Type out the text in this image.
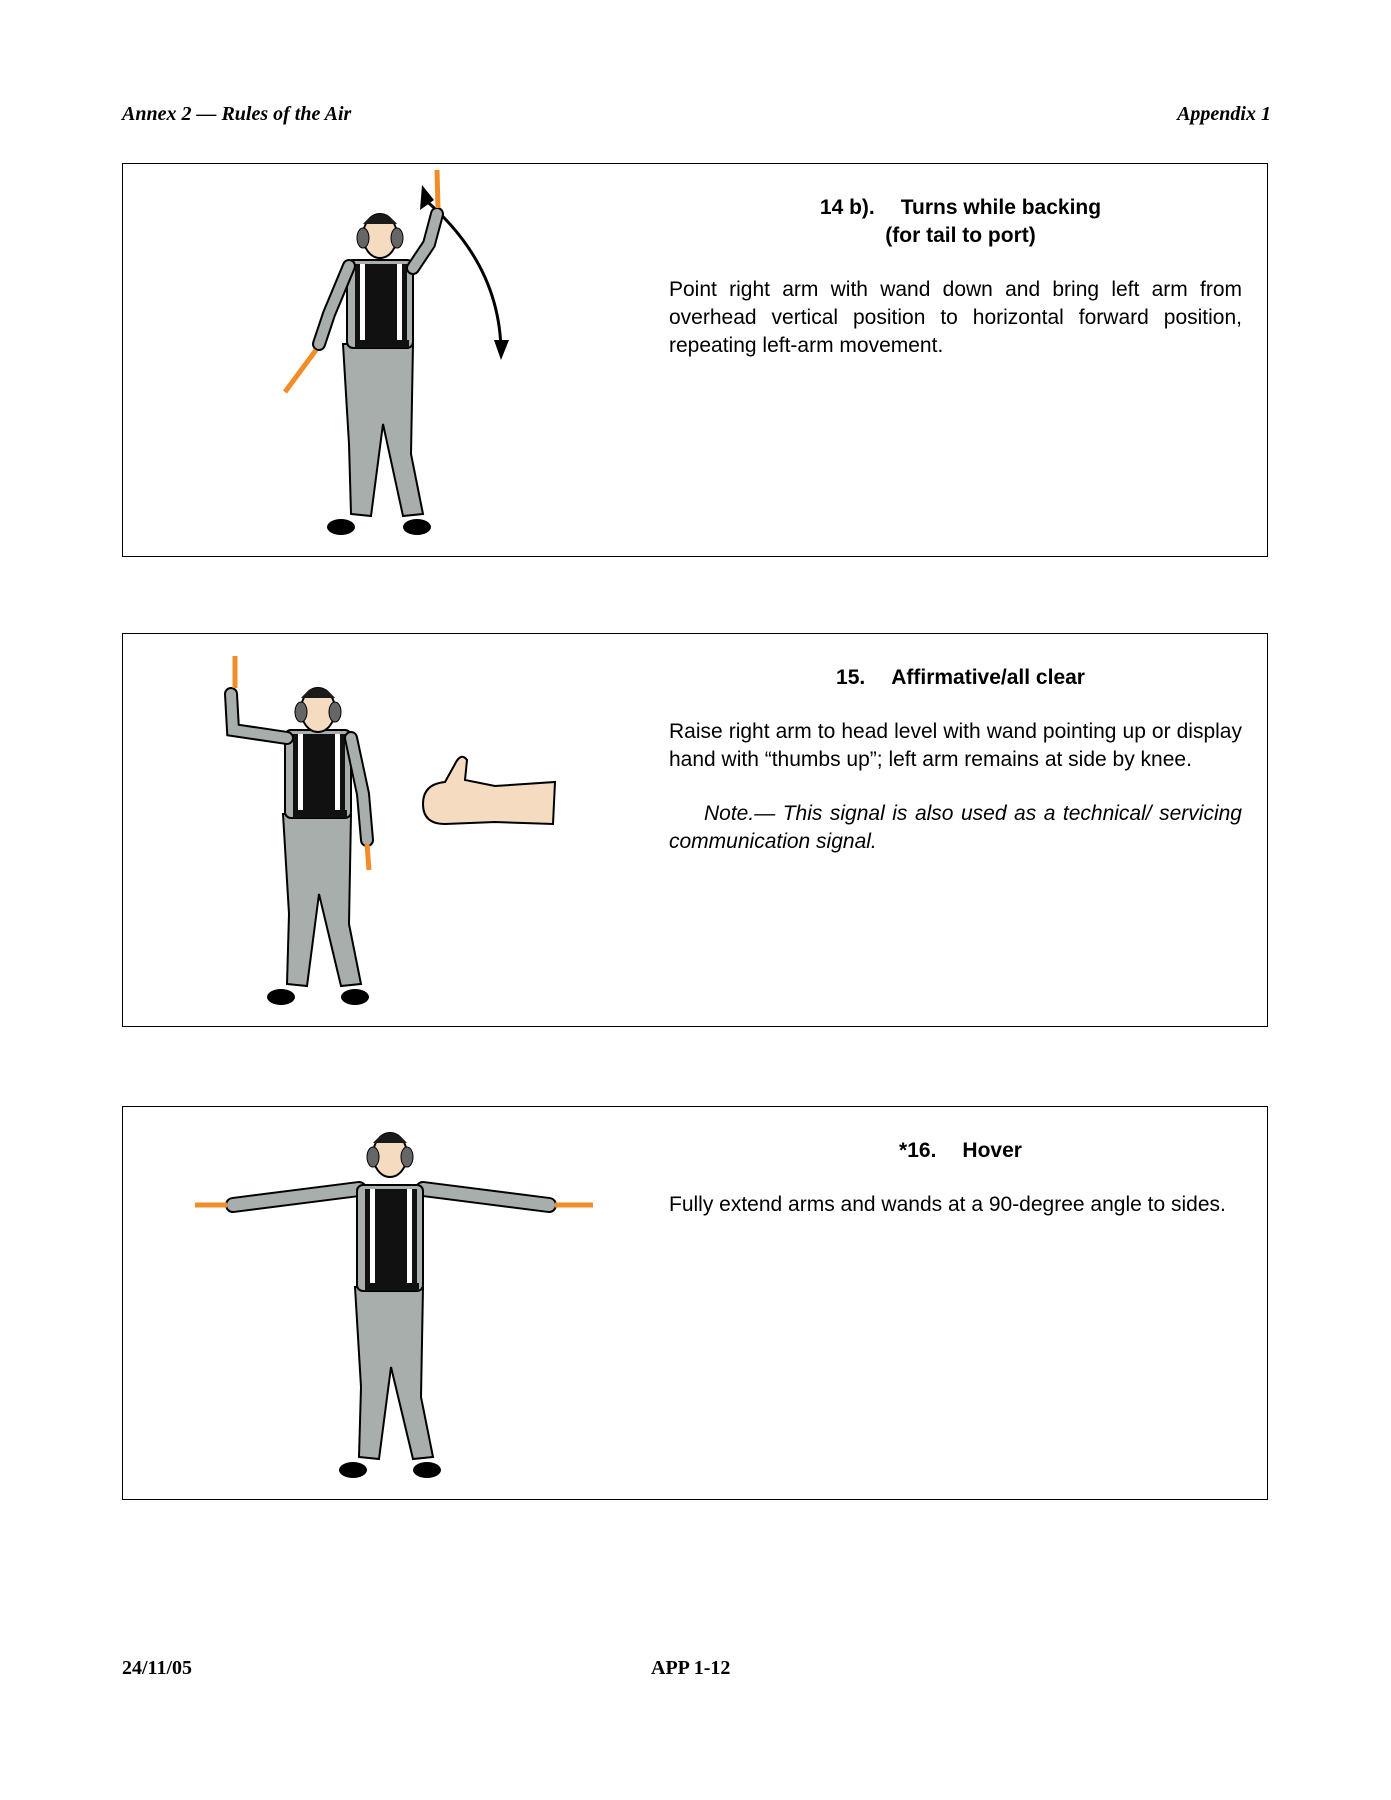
Annex 2 — Rules of the Air	Appendix 1
14 b). Turns while backing
(for tail to port)
Point right arm with wand down and bring left arm from overhead vertical position to horizontal forward position, repeating left-arm movement.
15. Affirmative/all clear
Raise right arm to head level with wand pointing up or display hand with “thumbs up”; left arm remains at side by knee.
Note.— This signal is also used as a technical/ servicing communication signal.
*16. Hover
Fully extend arms and wands at a 90-degree angle to sides.
24/11/05	APP 1-12
